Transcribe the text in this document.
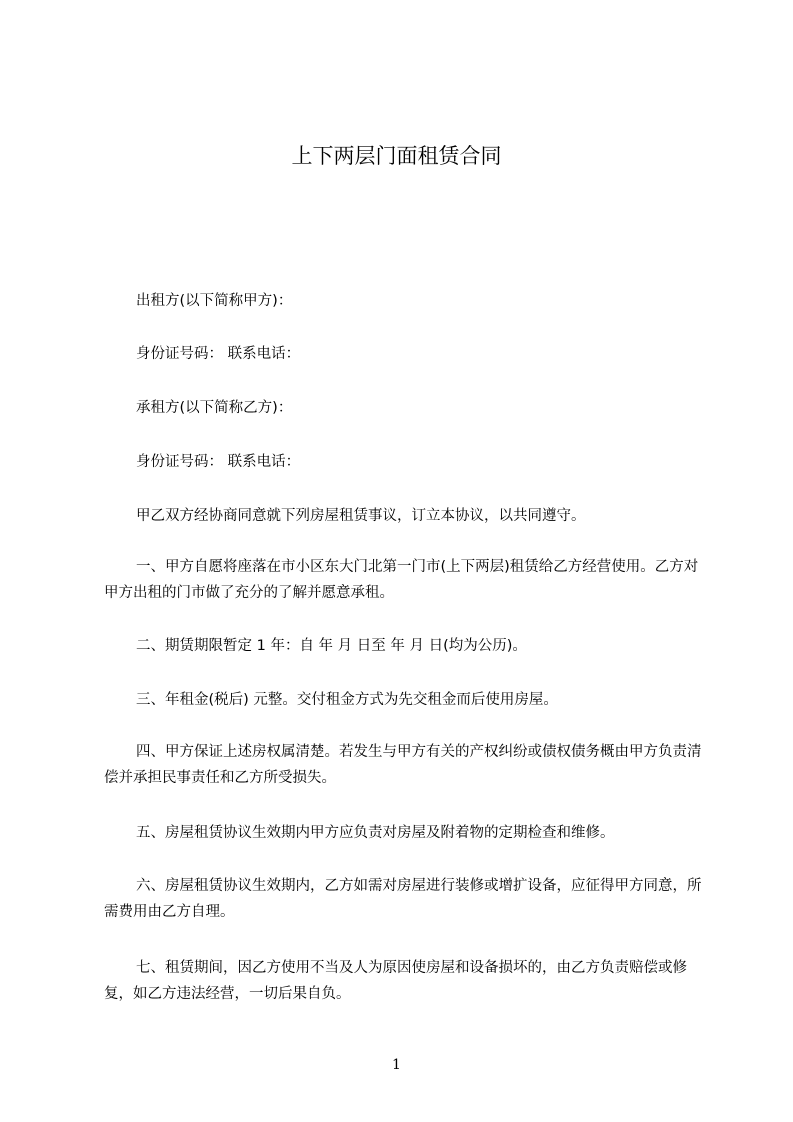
上下两层门面租赁合同

出租方(以下简称甲方)：

身份证号码： 联系电话：

承租方(以下简称乙方)：

身份证号码： 联系电话：

甲乙双方经协商同意就下列房屋租赁事议，订立本协议，以共同遵守。

一、甲方自愿将座落在市小区东大门北第一门市(上下两层)租赁给乙方经营使用。乙方对甲方出租的门市做了充分的了解并愿意承租。

二、期赁期限暂定 1 年：自 年 月 日至 年 月 日(均为公历)。

三、年租金(税后) 元整。交付租金方式为先交租金而后使用房屋。

四、甲方保证上述房权属清楚。若发生与甲方有关的产权纠纷或债权债务概由甲方负责清偿并承担民事责任和乙方所受损失。

五、房屋租赁协议生效期内甲方应负责对房屋及附着物的定期检查和维修。

六、房屋租赁协议生效期内，乙方如需对房屋进行装修或增扩设备，应征得甲方同意，所需费用由乙方自理。

七、租赁期间，因乙方使用不当及人为原因使房屋和设备损坏的，由乙方负责赔偿或修复，如乙方违法经营，一切后果自负。

1
